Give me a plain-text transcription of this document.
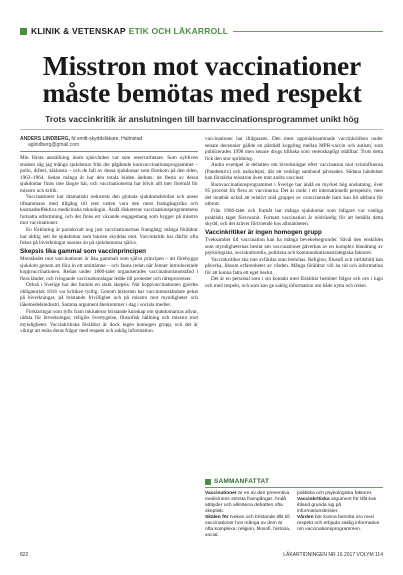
KLINIK & VETENSKAP ETIK OCH LÄKARROLL
Misstron mot vaccinationer måste bemötas med respekt
Trots vaccinkritik är anslutningen till barnvaccinationsprogrammet unikt hög
ANDERS LINDBERG, fd smitt-skyddsläkare, Halmstad aglindberg@gmail.com

Min första anställning inom sjukvården var som reservarbetare. Som nybliven student såg jag många sjukdomar från det pågående barnvaccinationsprogrammet – polio, difteri, kikhosta – och de fall av dessa sjukdomar som förekom på den tiden, 1963–1964. Sedan många år har den totala bilden ändrats: de flesta av dessa sjukdomar finns inte längre här, och vaccinationerna har blivit allt mer föremål för misstro och kritik.

Vaccinationer har dramatiskt reducerat den globala sjukdomsbördan och anses tillsammans med tillgång till rent vatten vara den mest framgångsrika och kostnadseffektiva medicinska teknologin. Ändå diskuteras vaccinationsprogrammens fortsatta utformning, och det finns ett växande engagemang som bygger på misstro mot vaccinationer.

En förklaring är paradoxalt nog just vaccinationernas framgång; många föräldrar har aldrig sett de sjukdomar som barnen skyddas mot. Vaccinkritik har därför ofta fokus på biverkningar snarare än på sjukdomarna själva.

Skepsis lika gammal som vaccinprincipen

Motståndet mot vaccinationer är lika gammalt som själva principen – att förebygga sjukdom genom att föra in ett smittämne – och fanns redan när Jenner introducerade koppvaccinationen. Redan under 1800-talet organiserades vaccinationsmotstånd i flera länder, och tvingande vaccinationslagar ledde till protester och rättsprocesser.

Också i Sverige har det funnits en stark skepsis. När koppvaccinationen gjordes obligatorisk 1816 var kritiken tydlig. Genom historien har vaccinmotståndare pekat på biverkningar, på bristande frivillighet och på misstro mot myndigheter och läkemedelsindustri. Samma argument återkommer i dag i sociala medier.

Förklaringar som lyfts fram inkluderar bristande kunskap om sjukdomarnas allvar, rädsla för biverkningar, religiös övertygelse, filosofisk hållning och misstro mot myndigheter. Vaccinkritiska föräldrar är dock ingen homogen grupp, och det är viktigt att möta deras frågor med respekt och saklig information.

vaccinationer har ifrågasatts. Den mest uppmärksammade vaccinkritiken under senare decennier gällde en påstådd koppling mellan MPR-vaccin och autism, som publicerades 1998 men senare drogs tillbaka som vetenskapligt ohållbar. Trots detta fick den stor spridning.

Andra exempel är debatten om biverkningar efter vaccination mot svininfluensa (Pandemrix) och narkolepsi, där ett verkligt samband påvisades. Sådana händelser kan förstärka misstron även mot andra vacciner.

Barnvaccinationsprogrammet i Sverige har ändå en mycket hög anslutning, över 95 procent för flera av vaccinerna. Det är unikt i ett internationellt perspektiv, men det innebär också att relativt små grupper av ovaccinerade barn kan bli sårbara för utbrott.

Från 1960-talet och framåt har många sjukdomar som tidigare var vanliga praktiskt taget försvunnit. Fortsatt vaccination är nödvändig för att behålla detta skydd, och det kräver förtroende hos allmänheten.

Vaccinkritiker är ingen homogen grupp

Tveksamhet till vaccination kan ha många bevekelsegrunder. Såväl den enskildes som myndigheternas beslut om vaccinationer påverkas av en komplex blandning av psykologiska, sociokulturella, politiska och kommunikationsstrategiska faktorer.

Vaccinkritiker ska inte avfärdas utan bemötas. Religion, filosofi och världsbild kan påverka, liksom erfarenheter av vården. Många föräldrar vill ha tid och information för att kunna fatta ett eget beslut.

Det är en personal som i sin kontakt med föräldrar bemöter frågor och oro i lugn och med respekt, och som kan ge saklig information om både nytta och risker.

SAMMANFATTAT
Vaccinationer är en av den preventiva medicinens största framgångar. Ändå attityder och allmänna debatten ofta skeptisk.
Skälen för tvekan och bristande tillit till vaccinationer hos många av dem är ofta komplexa: religion, filosofi, historia, social.
politiska och psykologiska faktorer.
Vaccinkritiska argument för tillit kan ibland grunda sig på informationsbrister.
Vården bör kunna bemöta oro med respekt och erbjuda saklig information om vaccinationsprogrammen.
822	LÄKARTIDNINGEN NR 16 2017 VOLYM 114
